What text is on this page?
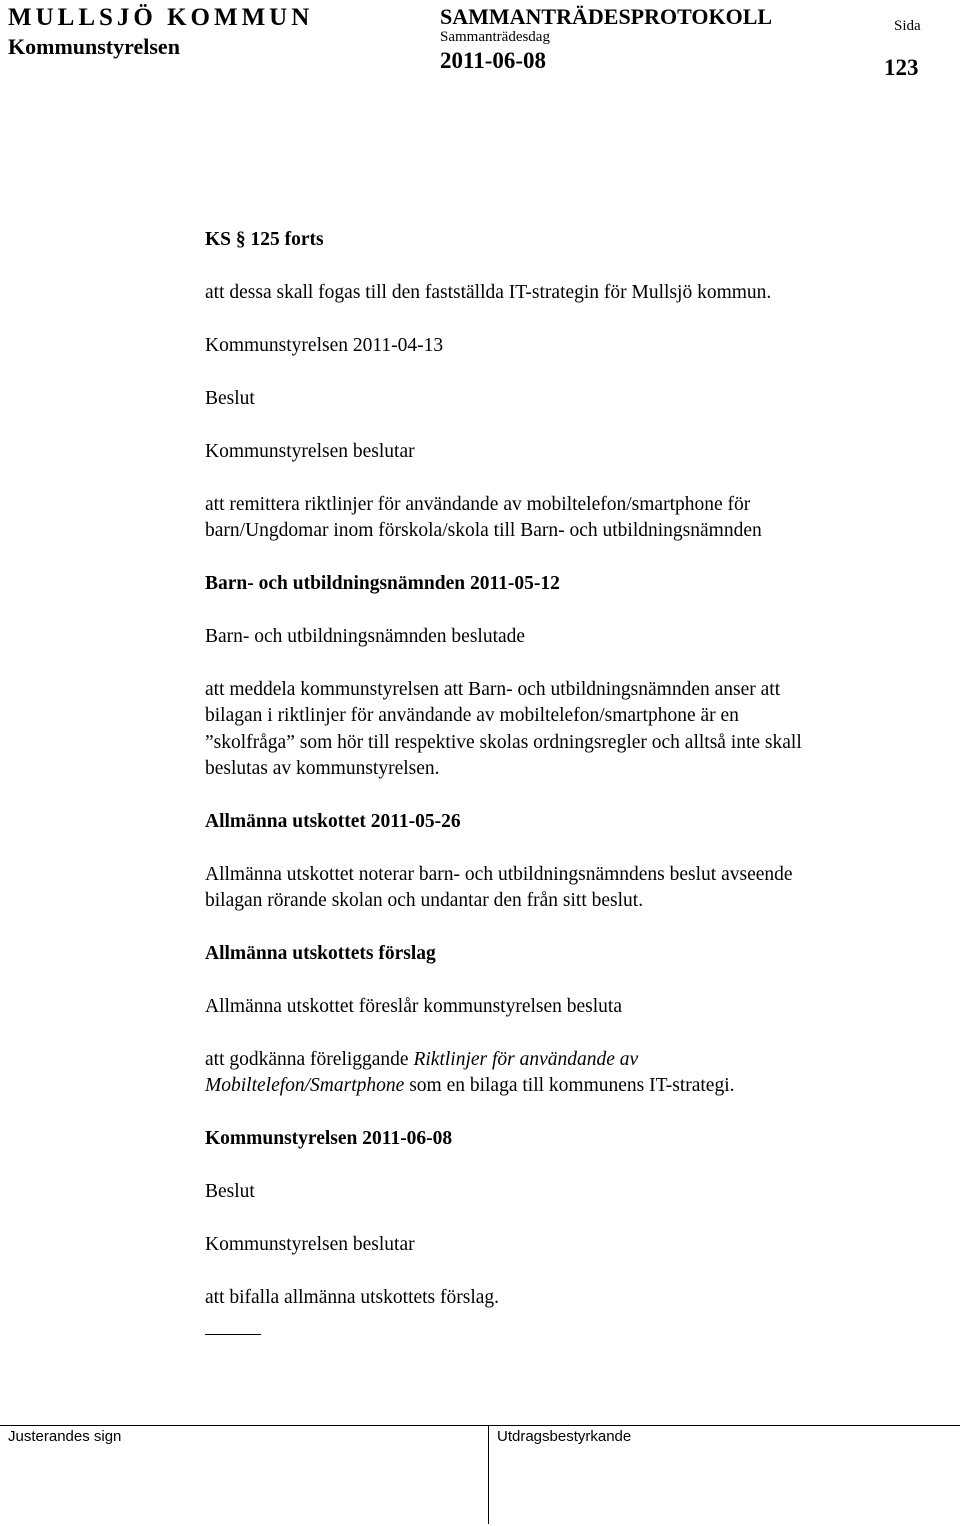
MULLSJÖ KOMMUN
Kommunstyrelsen
SAMMANTRÄDESPROTOKOLL
Sammanträdesdag
2011-06-08
Sida
123
KS § 125 forts
att dessa skall fogas till den fastställda IT-strategin för Mullsjö kommun.
Kommunstyrelsen 2011-04-13
Beslut
Kommunstyrelsen beslutar
att remittera riktlinjer för användande av mobiltelefon/smartphone för
barn/Ungdomar inom förskola/skola till Barn- och utbildningsnämnden
Barn- och utbildningsnämnden 2011-05-12
Barn- och utbildningsnämnden beslutade
att meddela kommunstyrelsen att Barn- och utbildningsnämnden anser att
bilagan i riktlinjer för användande av mobiltelefon/smartphone är en
”skolfråga” som hör till respektive skolas ordningsregler och alltså inte skall
beslutas av kommunstyrelsen.
Allmänna utskottet 2011-05-26
Allmänna utskottet noterar barn- och utbildningsnämndens beslut avseende
bilagan rörande skolan och undantar den från sitt beslut.
Allmänna utskottets förslag
Allmänna utskottet föreslår kommunstyrelsen besluta
att godkänna föreliggande Riktlinjer för användande av
Mobiltelefon/Smartphone som en bilaga till kommunens IT-strategi.
Kommunstyrelsen 2011-06-08
Beslut
Kommunstyrelsen beslutar
att bifalla allmänna utskottets förslag.
Justerandes sign	Utdragsbestyrkande
